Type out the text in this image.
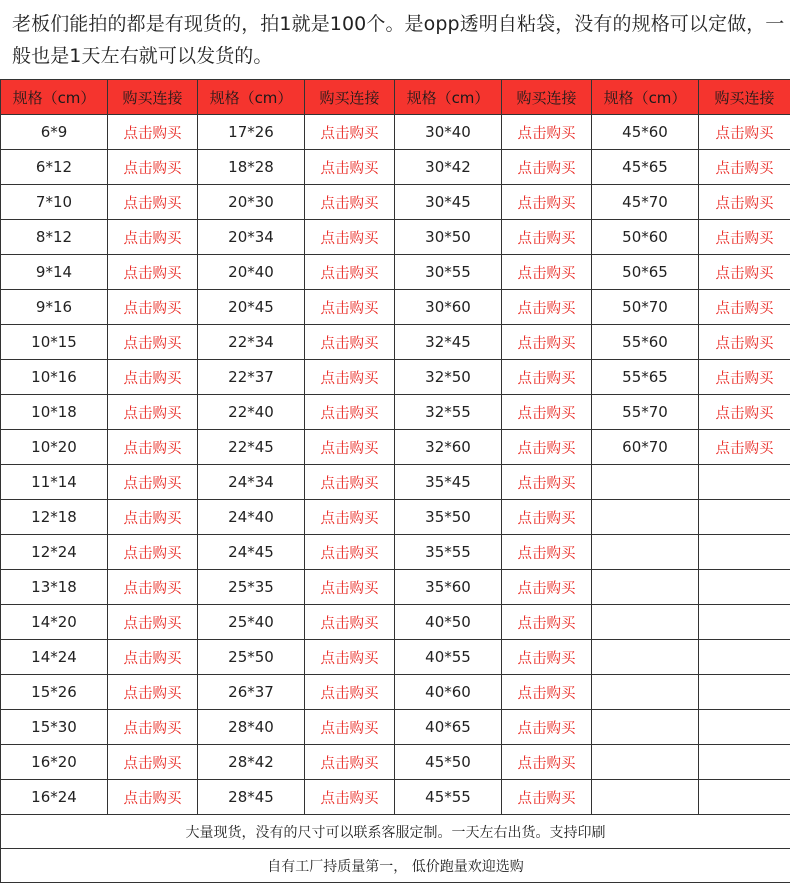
老板们能拍的都是有现货的，拍1就是100个。是opp透明自粘袋，没有的规格可以定做，一般也是1天左右就可以发货的。
规格（cm）	购买连接	规格（cm）	购买连接	规格（cm）	购买连接	规格（cm）	购买连接
6*9	点击购买	17*26	点击购买	30*40	点击购买	45*60	点击购买
6*12	点击购买	18*28	点击购买	30*42	点击购买	45*65	点击购买
7*10	点击购买	20*30	点击购买	30*45	点击购买	45*70	点击购买
8*12	点击购买	20*34	点击购买	30*50	点击购买	50*60	点击购买
9*14	点击购买	20*40	点击购买	30*55	点击购买	50*65	点击购买
9*16	点击购买	20*45	点击购买	30*60	点击购买	50*70	点击购买
10*15	点击购买	22*34	点击购买	32*45	点击购买	55*60	点击购买
10*16	点击购买	22*37	点击购买	32*50	点击购买	55*65	点击购买
10*18	点击购买	22*40	点击购买	32*55	点击购买	55*70	点击购买
10*20	点击购买	22*45	点击购买	32*60	点击购买	60*70	点击购买
11*14	点击购买	24*34	点击购买	35*45	点击购买		
12*18	点击购买	24*40	点击购买	35*50	点击购买		
12*24	点击购买	24*45	点击购买	35*55	点击购买		
13*18	点击购买	25*35	点击购买	35*60	点击购买		
14*20	点击购买	25*40	点击购买	40*50	点击购买		
14*24	点击购买	25*50	点击购买	40*55	点击购买		
15*26	点击购买	26*37	点击购买	40*60	点击购买		
15*30	点击购买	28*40	点击购买	40*65	点击购买		
16*20	点击购买	28*42	点击购买	45*50	点击购买		
16*24	点击购买	28*45	点击购买	45*55	点击购买		
大量现货，没有的尺寸可以联系客服定制。一天左右出货。支持印刷							
自有工厂持质量第一， 低价跑量欢迎选购							
